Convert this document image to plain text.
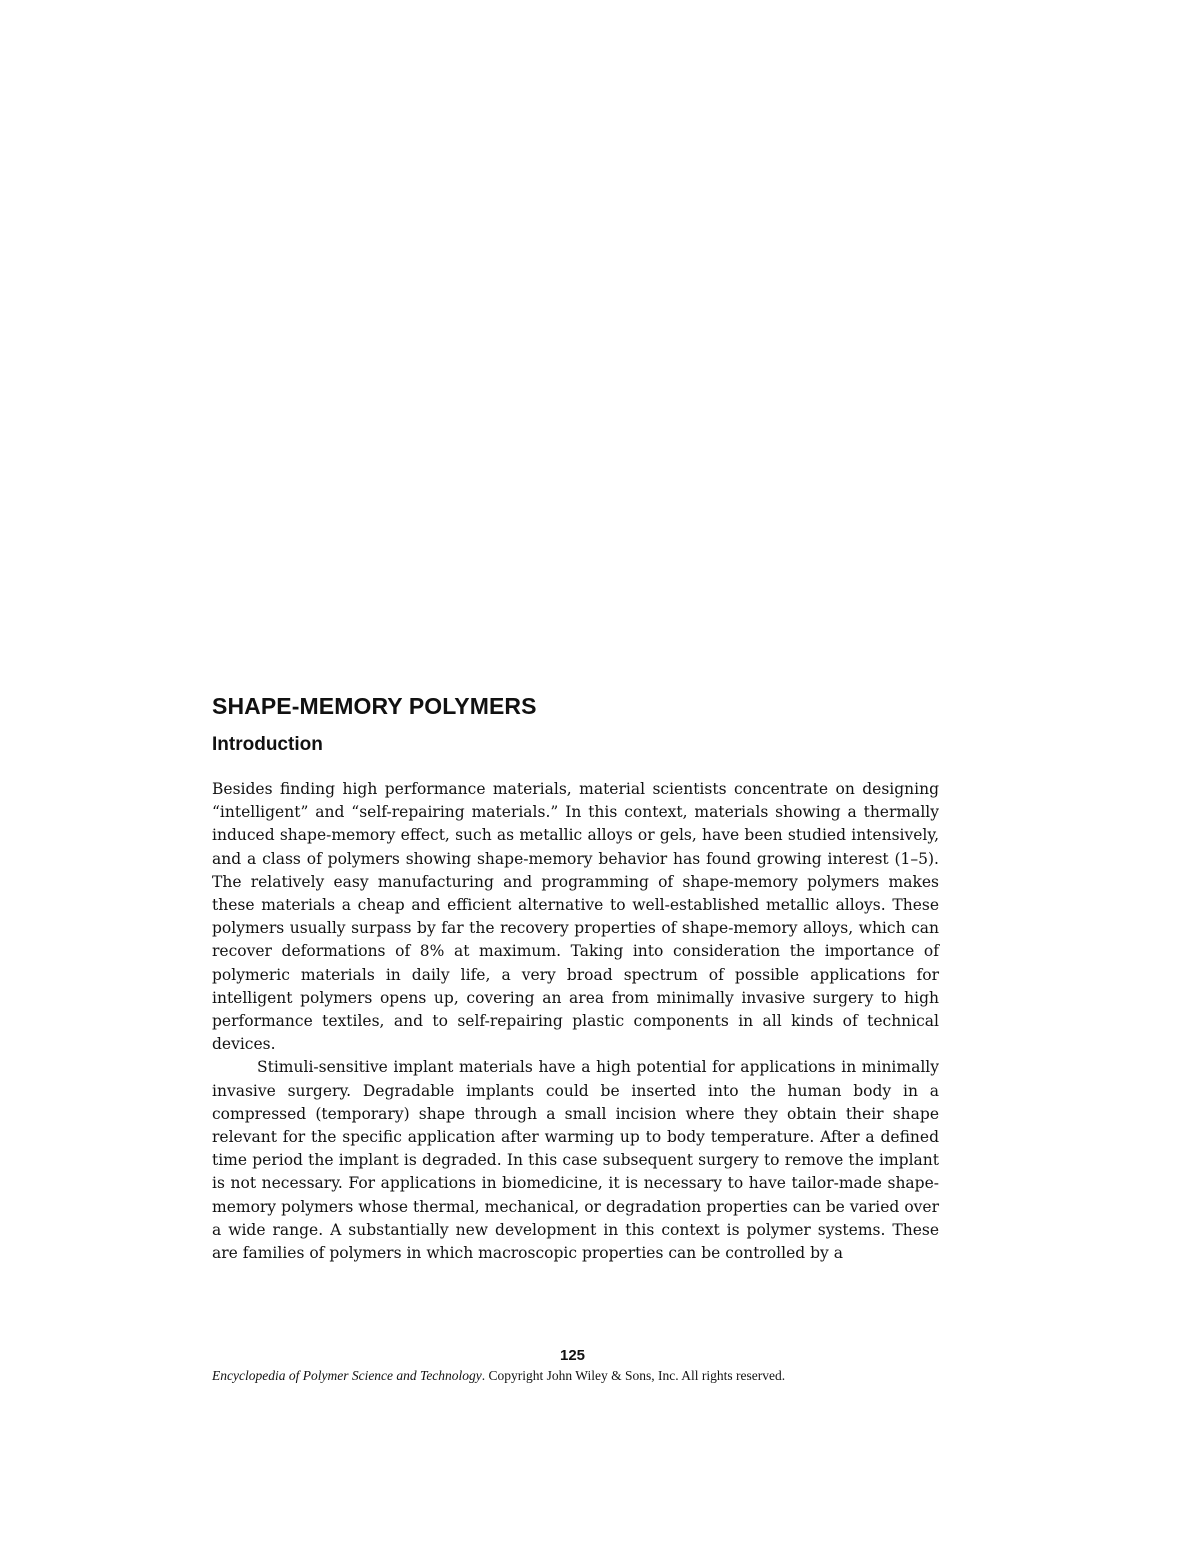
SHAPE-MEMORY POLYMERS
Introduction

Besides finding high performance materials, material scientists concentrate on designing “intelligent” and “self-repairing materials.” In this context, materials showing a thermally induced shape-memory effect, such as metallic alloys or gels, have been studied intensively, and a class of polymers showing shape-memory behavior has found growing interest (1–5). The relatively easy manufacturing and programming of shape-memory polymers makes these materials a cheap and efficient alternative to well-established metallic alloys. These polymers usually surpass by far the recovery properties of shape-memory alloys, which can recover deformations of 8% at maximum. Taking into consideration the importance of polymeric materials in daily life, a very broad spectrum of possible applications for intelligent polymers opens up, covering an area from minimally invasive surgery to high performance textiles, and to self-repairing plastic components in all kinds of technical devices.

Stimuli-sensitive implant materials have a high potential for applications in minimally invasive surgery. Degradable implants could be inserted into the human body in a compressed (temporary) shape through a small incision where they obtain their shape relevant for the specific application after warming up to body temperature. After a defined time period the implant is degraded. In this case subsequent surgery to remove the implant is not necessary. For applications in biomedicine, it is necessary to have tailor-made shape-memory polymers whose thermal, mechanical, or degradation properties can be varied over a wide range. A substantially new development in this context is polymer systems. These are families of polymers in which macroscopic properties can be controlled by a

125
Encyclopedia of Polymer Science and Technology. Copyright John Wiley & Sons, Inc. All rights reserved.
